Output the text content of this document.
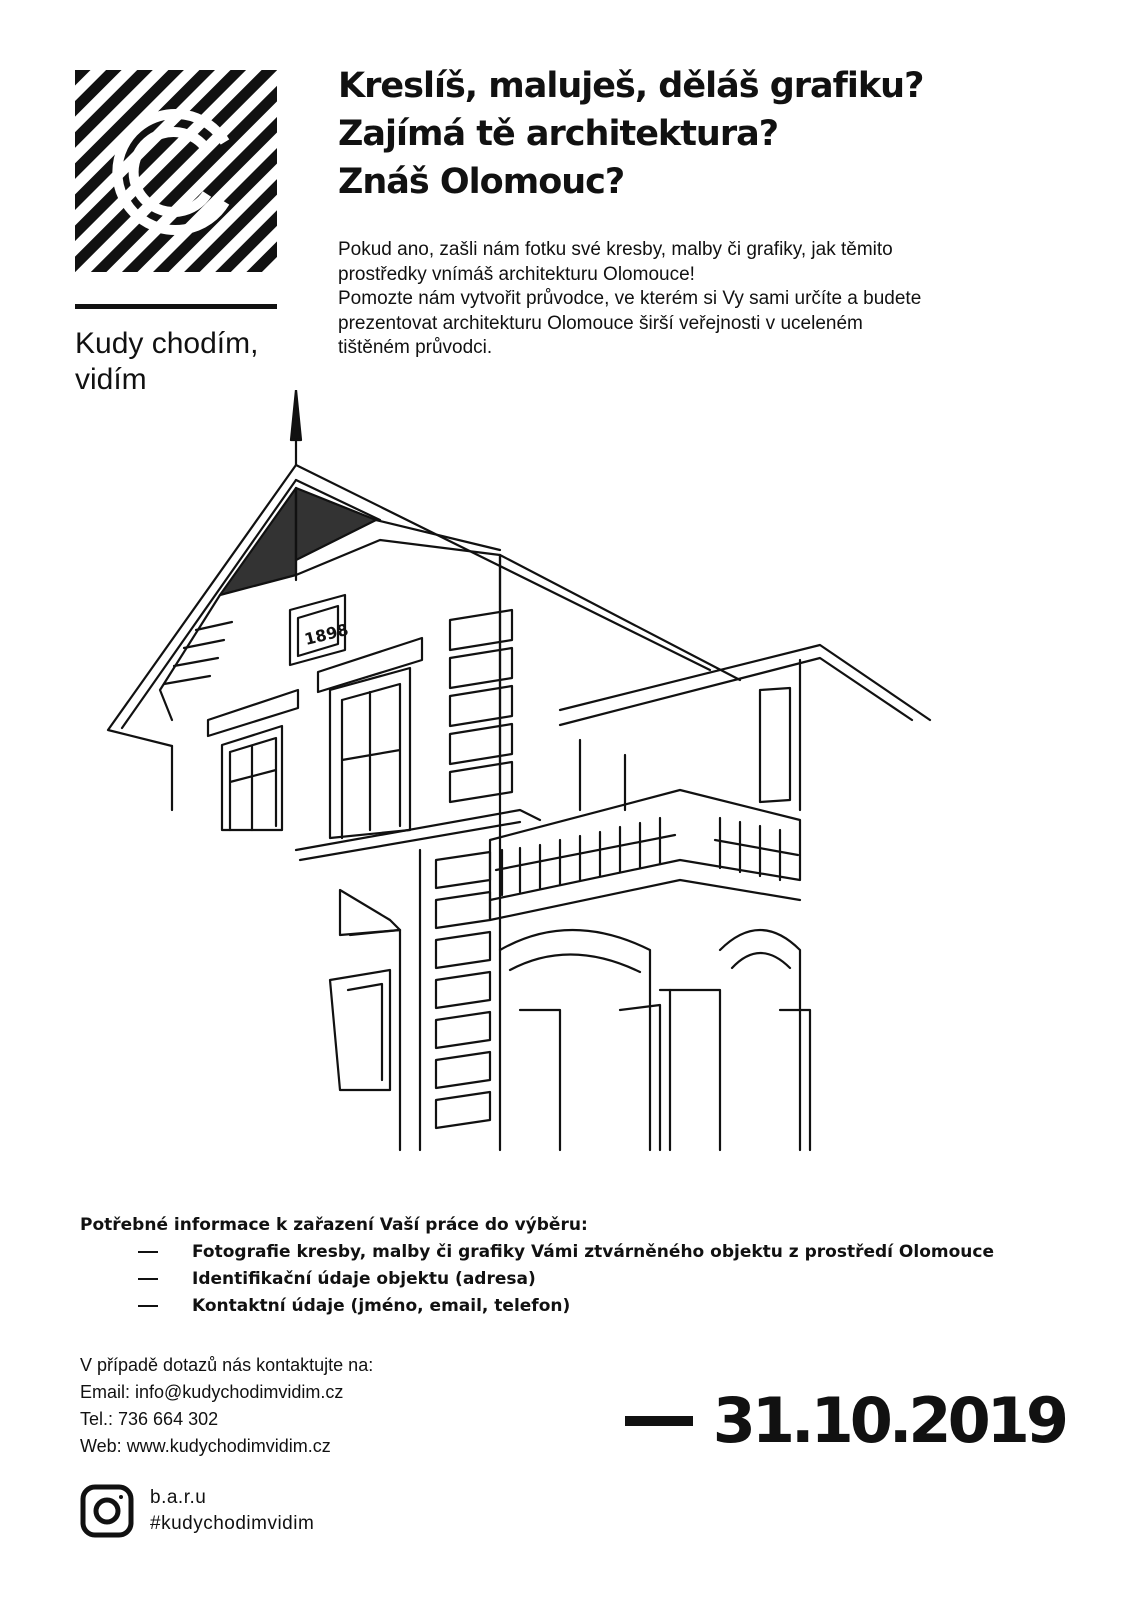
Kudy chodím,
vidím
Kreslíš, maluješ, děláš grafiku?
Zajímá tě architektura?
Znáš Olomouc?
Pokud ano, zašli nám fotku své kresby, malby či grafiky, jak těmito
prostředky vnímáš architekturu Olomouce!
Pomozte nám vytvořit průvodce, ve kterém si Vy sami určíte a budete
prezentovat architekturu Olomouce širší veřejnosti v uceleném
tištěném průvodci.
1898
Potřebné informace k zařazení Vaší práce do výběru:
Fotografie kresby, malby či grafiky Vámi ztvárněného objektu z prostředí Olomouce
Identifikační údaje objektu (adresa)
Kontaktní údaje (jméno, email, telefon)
V případě dotazů nás kontaktujte na:
Email: info@kudychodimvidim.cz
Tel.: 736 664 302
Web: www.kudychodimvidim.cz	31.10.2019
b.a.r.u
#kudychodimvidim
